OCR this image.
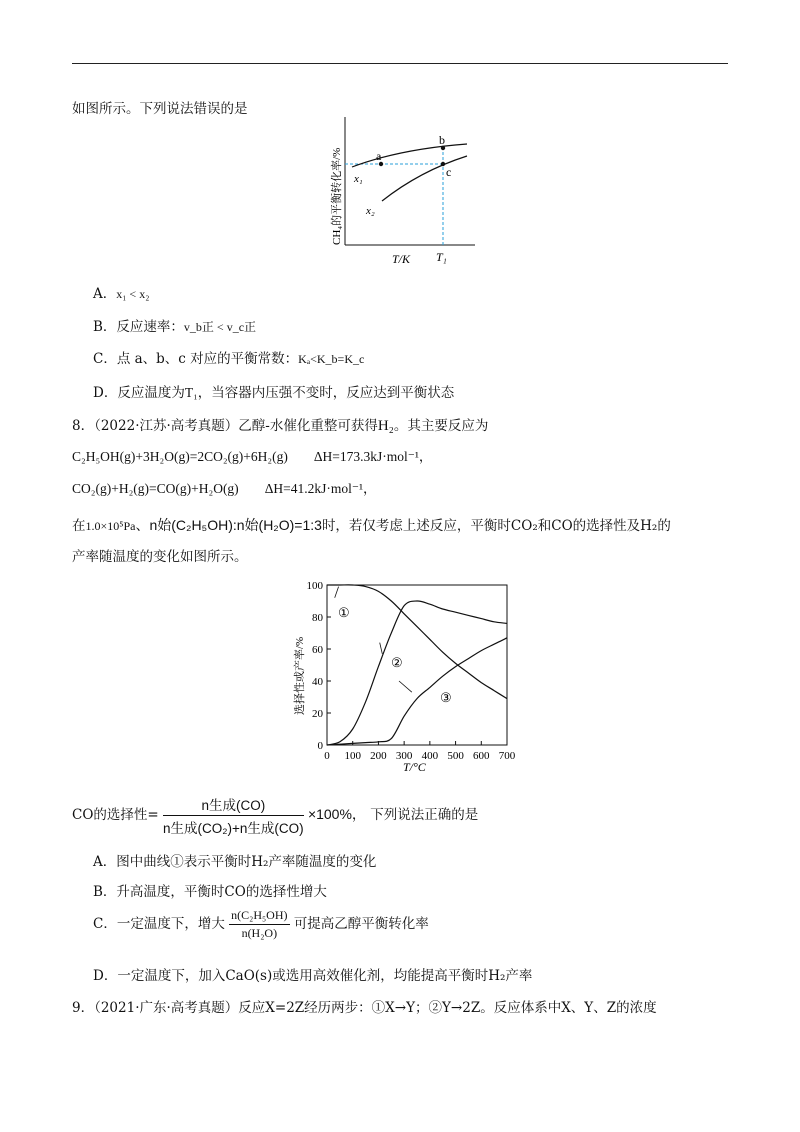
如图所示。下列说法错误的是
a
b
c
x₁
x₂
CH₄的平衡转化率/%
T/K T₁
A．x₁ < x₂
B．反应速率：v_b正 < v_c正
C．点 a、b、c 对应的平衡常数：Kₐ<K_b=K_c
D．反应温度为T₁，当容器内压强不变时，反应达到平衡状态
8．（2022·江苏·高考真题）乙醇-水催化重整可获得H₂。其主要反应为
C₂H₅OH(g)+3H₂O(g)=2CO₂(g)+6H₂(g) ΔH=173.3kJ·mol⁻¹，
CO₂(g)+H₂(g)=CO(g)+H₂O(g) ΔH=41.2kJ·mol⁻¹，
在1.0×10⁵Pa、n始(C₂H₅OH):n始(H₂O)=1:3时，若仅考虑上述反应，平衡时CO₂和CO的选择性及H₂的
产率随温度的变化如图所示。
0
20
40
60
80
100
0 100 200 300 400 500 600 700
选择性或产率/%
T/°C
①
②
③
CO的选择性= $\frac{\text{n生成(CO)}}{\text{n生成(CO₂)+n生成(CO)}} \times 100\%$， 下列说法正确的是
A．图中曲线①表示平衡时H₂产率随温度的变化
B．升高温度，平衡时CO的选择性增大
C．一定温度下，增大 $\frac{\text{n(C₂H₅OH)}}{\text{n(H₂O)}}$ 可提高乙醇平衡转化率
D．一定温度下，加入CaO(s)或选用高效催化剂，均能提高平衡时H₂产率
9．（2021·广东·高考真题）反应X=2Z经历两步：①X→Y；②Y→2Z。反应体系中X、Y、Z的浓度
